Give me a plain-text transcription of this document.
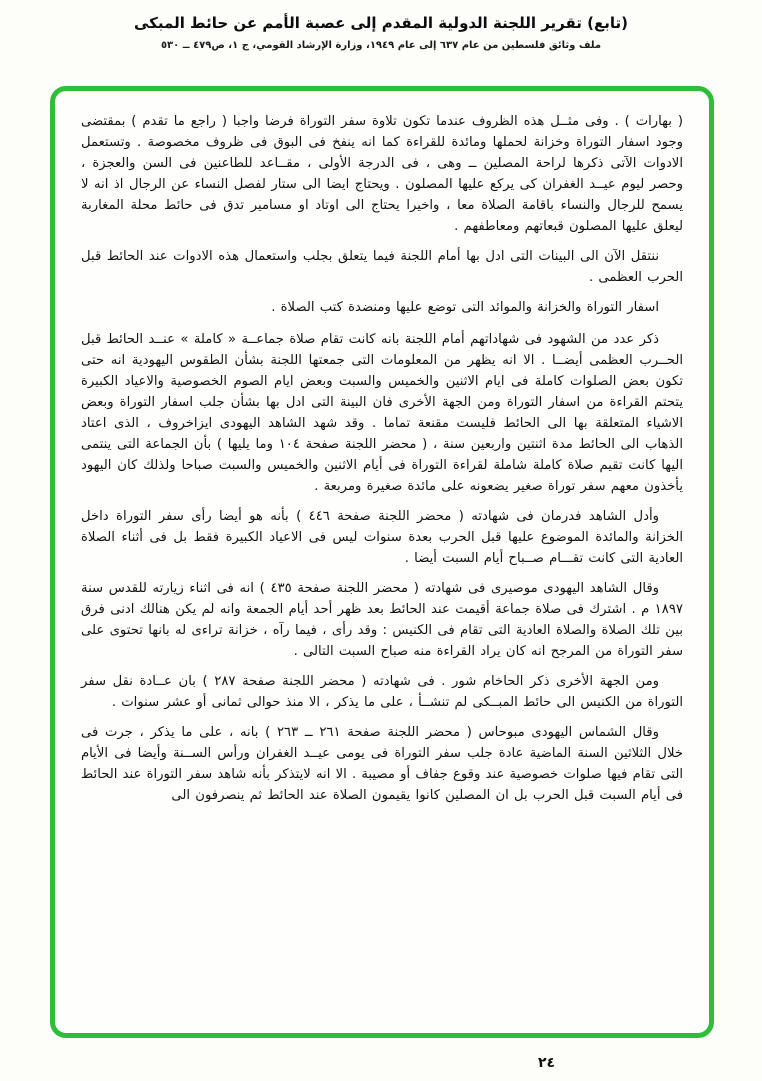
(تابع) تقرير اللجنة الدولية المقدم إلى عصبة الأمم عن حائط المبكى
ملف وثائق فلسطين من عام ٦٣٧ إلى عام ١٩٤٩، وزارة الإرشاد القومي، ج ١، ص٤٧٩ ــ ٥٣٠

( بهارات ) . وفى مثــل هذه الظروف عندما تكون تلاوة سفر التوراة فرضا واجبا ( راجع ما تقدم ) بمقتضى وجود اسفار التوراة وخزانة لحملها ومائدة للقراءة كما انه ينفخ فى البوق فى ظروف مخصوصة . وتستعمل الادوات الآتى ذكرها لراحة المصلين ــ وهى ، فى الدرجة الأولى ، مقــاعد للطاعنين فى السن والعجزة ، وحصر ليوم عيــد الغفران كى يركع عليها المصلون . ويحتاج ايضا الى ستار لفصل النساء عن الرجال اذ انه لا يسمح للرجال والنساء باقامة الصلاة معا ، واخيرا يحتاج الى اوتاد او مسامير تدق فى حائط محلة المغاربة ليعلق عليها المصلون قبعاتهم ومعاطفهم .

ننتقل الآن الى البينات التى ادل بها أمام اللجنة فيما يتعلق بجلب واستعمال هذه الادوات عند الحائط قبل الحرب العظمى .

اسفار التوراة والخزانة والموائد التى توضع عليها ومنضدة كتب الصلاة .

ذكر عدد من الشهود فى شهاداتهم أمام اللجنة بانه كانت تقام صلاة جماعــة « كاملة » عنــد الحائط قبل الحــرب العظمى أيضــا . الا انه يظهر من المعلومات التى جمعتها اللجنة بشأن الطقوس اليهودية انه حتى تكون بعض الصلوات كاملة فى ايام الاثنين والخميس والسبت وبعض ايام الصوم الخصوصية والاعياد الكبيرة يتحتم القراءة من اسفار التوراة ومن الجهة الأخرى فان البينة التى ادل بها بشأن جلب اسفار التوراة وبعض الاشياء المتعلقة بها الى الحائط فليست مقنعة تماما . وقد شهد الشاهد اليهودى ايزاخروف ، الذى اعتاد الذهاب الى الحائط مدة اثنتين واربعين سنة ، ( محضر اللجنة صفحة ١٠٤ وما يليها ) بأن الجماعة التى ينتمى اليها كانت تقيم صلاة كاملة شاملة لقراءة التوراة فى أيام الاثنين والخميس والسبت صباحا ولذلك كان اليهود يأخذون معهم سفر توراة صغير يضعونه على مائدة صغيرة ومربعة .

وأدل الشاهد فدرمان فى شهادته ( محضر اللجنة صفحة ٤٤٦ ) بأنه هو أيضا رأى سفر التوراة داخل الخزانة والمائدة الموضوع عليها قبل الحرب بعدة سنوات ليس فى الاعياد الكبيرة فقط بل فى أثناء الصلاة العادية التى كانت تقـــام صــباح أيام السبت أيضا .

وقال الشاهد اليهودى موصيرى فى شهادته ( محضر اللجنة صفحة ٤٣٥ ) انه فى اثناء زيارته للقدس سنة ١٨٩٧ م . اشترك فى صلاة جماعة أقيمت عند الحائط بعد ظهر أحد أيام الجمعة وانه لم يكن هنالك ادنى فرق بين تلك الصلاة والصلاة العادية التى تقام فى الكنيس : وقد رأى ، فيما رآه ، خزانة تراءى له بانها تحتوى على سفر التوراة من المرجح انه كان يراد القراءة منه صباح السبت التالى .

ومن الجهة الأخرى ذكر الحاخام شور . فى شهادته ( محضر اللجنة صفحة ٢٨٧ ) بان عــادة نقل سفر التوراة من الكنيس الى حائط المبــكى لم تنشــأ ، على ما يذكر ، الا منذ حوالى ثمانى أو عشر سنوات .

وقال الشماس اليهودى مبوحاس ( محضر اللجنة صفحة ٢٦١ ــ ٢٦٣ ) بانه ، على ما يذكر ، جرت فى خلال الثلاثين السنة الماضية عادة جلب سفر التوراة فى يومى عيــد الغفران ورأس الســنة وأيضا فى الأيام التى تقام فيها صلوات خصوصية عند وقوع جفاف أو مصيبة . الا انه لايتذكر بأنه شاهد سفر التوراة عند الحائط فى أيام السبت قبل الحرب بل ان المصلين كانوا يقيمون الصلاة عند الحائط ثم ينصرفون الى

٢٤
